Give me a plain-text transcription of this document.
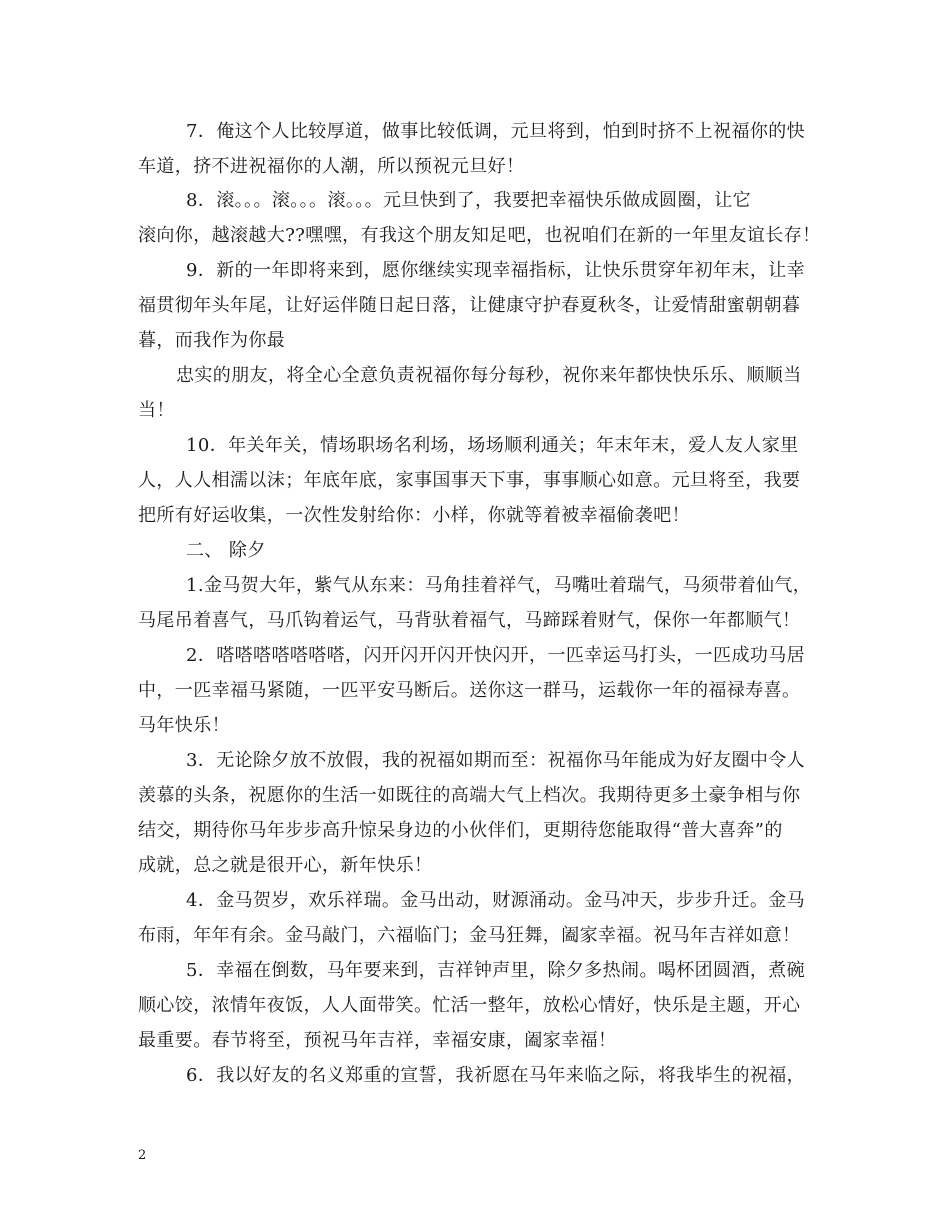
7．俺这个人比较厚道，做事比较低调，元旦将到，怕到时挤不上祝福你的快
车道，挤不进祝福你的人潮，所以预祝元旦好！
8．滚。。。滚。。。滚。。。元旦快到了，我要把幸福快乐做成圆圈，让它
滚向你，越滚越大??嘿嘿，有我这个朋友知足吧，也祝咱们在新的一年里友谊长存！
9．新的一年即将来到，愿你继续实现幸福指标，让快乐贯穿年初年末，让幸
福贯彻年头年尾，让好运伴随日起日落，让健康守护春夏秋冬，让爱情甜蜜朝朝暮
暮，而我作为你最
忠实的朋友，将全心全意负责祝福你每分每秒，祝你来年都快快乐乐、顺顺当
当！
10．年关年关，情场职场名利场，场场顺利通关；年末年末，爱人友人家里
人，人人相濡以沫；年底年底，家事国事天下事，事事顺心如意。元旦将至，我要
把所有好运收集，一次性发射给你：小样，你就等着被幸福偷袭吧！
二、 除夕
1.金马贺大年，紫气从东来：马角挂着祥气，马嘴吐着瑞气，马须带着仙气，
马尾吊着喜气，马爪钩着运气，马背驮着福气，马蹄踩着财气，保你一年都顺气！
2．嗒嗒嗒嗒嗒嗒嗒，闪开闪开闪开快闪开，一匹幸运马打头，一匹成功马居
中，一匹幸福马紧随，一匹平安马断后。送你这一群马，运载你一年的福禄寿喜。
马年快乐！
3．无论除夕放不放假，我的祝福如期而至：祝福你马年能成为好友圈中令人
羡慕的头条，祝愿你的生活一如既往的高端大气上档次。我期待更多土豪争相与你
结交，期待你马年步步高升惊呆身边的小伙伴们，更期待您能取得“普大喜奔”的
成就，总之就是很开心，新年快乐！
4．金马贺岁，欢乐祥瑞。金马出动，财源涌动。金马冲天，步步升迁。金马
布雨，年年有余。金马敲门，六福临门；金马狂舞，阖家幸福。祝马年吉祥如意！
5．幸福在倒数，马年要来到，吉祥钟声里，除夕多热闹。喝杯团圆酒，煮碗
顺心饺，浓情年夜饭，人人面带笑。忙活一整年，放松心情好，快乐是主题，开心
最重要。春节将至，预祝马年吉祥，幸福安康，阖家幸福！
6．我以好友的名义郑重的宣誓，我祈愿在马年来临之际，将我毕生的祝福，
2
